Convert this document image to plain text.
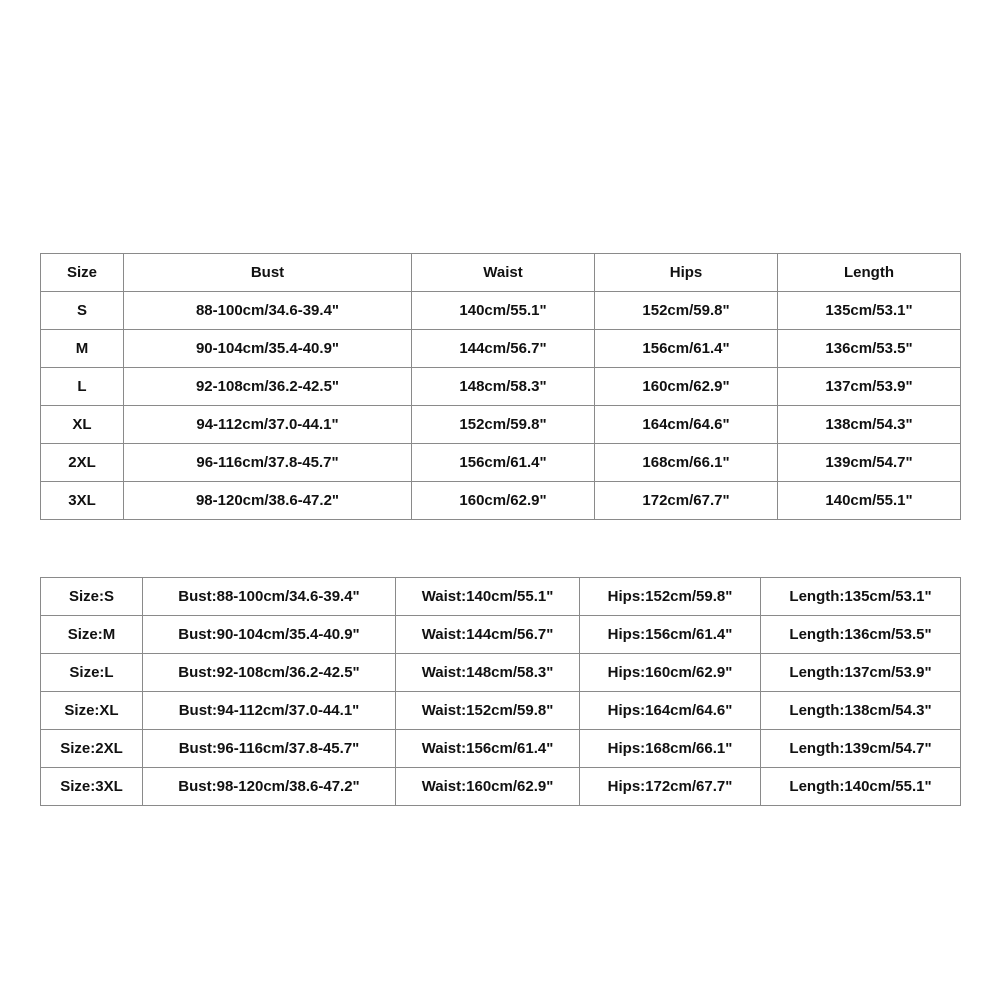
Size	Bust	Waist	Hips	Length
S	88-100cm/34.6-39.4"	140cm/55.1"	152cm/59.8"	135cm/53.1"
M	90-104cm/35.4-40.9"	144cm/56.7"	156cm/61.4"	136cm/53.5"
L	92-108cm/36.2-42.5"	148cm/58.3"	160cm/62.9"	137cm/53.9"
XL	94-112cm/37.0-44.1"	152cm/59.8"	164cm/64.6"	138cm/54.3"
2XL	96-116cm/37.8-45.7"	156cm/61.4"	168cm/66.1"	139cm/54.7"
3XL	98-120cm/38.6-47.2"	160cm/62.9"	172cm/67.7"	140cm/55.1"
Size:S	Bust:88-100cm/34.6-39.4"	Waist:140cm/55.1"	Hips:152cm/59.8"	Length:135cm/53.1"
Size:M	Bust:90-104cm/35.4-40.9"	Waist:144cm/56.7"	Hips:156cm/61.4"	Length:136cm/53.5"
Size:L	Bust:92-108cm/36.2-42.5"	Waist:148cm/58.3"	Hips:160cm/62.9"	Length:137cm/53.9"
Size:XL	Bust:94-112cm/37.0-44.1"	Waist:152cm/59.8"	Hips:164cm/64.6"	Length:138cm/54.3"
Size:2XL	Bust:96-116cm/37.8-45.7"	Waist:156cm/61.4"	Hips:168cm/66.1"	Length:139cm/54.7"
Size:3XL	Bust:98-120cm/38.6-47.2"	Waist:160cm/62.9"	Hips:172cm/67.7"	Length:140cm/55.1"
